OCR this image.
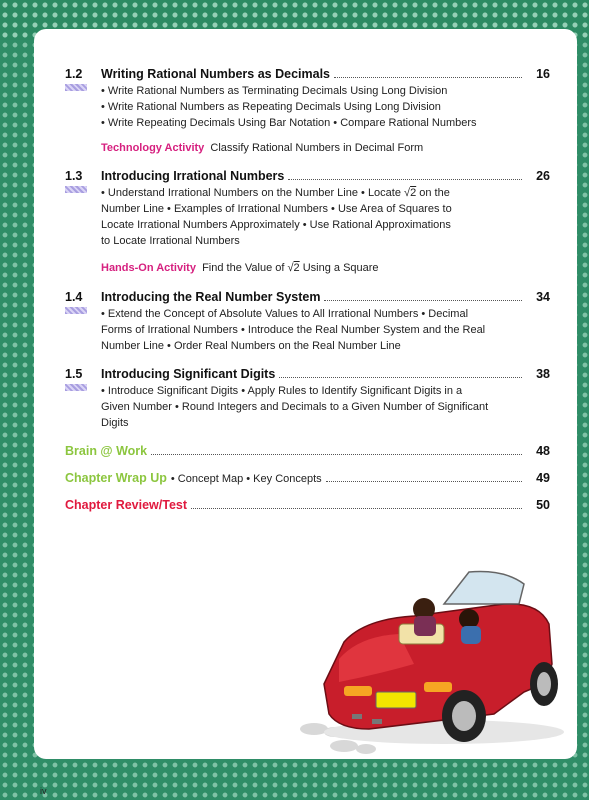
1.2	Writing Rational Numbers as Decimals	16
• Write Rational Numbers as Terminating Decimals Using Long Division
• Write Rational Numbers as Repeating Decimals Using Long Division
• Write Repeating Decimals Using Bar Notation • Compare Rational Numbers
Technology Activity Classify Rational Numbers in Decimal Form
1.3	Introducing Irrational Numbers	26
• Understand Irrational Numbers on the Number Line • Locate √2 on the
Number Line • Examples of Irrational Numbers • Use Area of Squares to
Locate Irrational Numbers Approximately • Use Rational Approximations
to Locate Irrational Numbers
Hands-On Activity Find the Value of √2 Using a Square
1.4	Introducing the Real Number System	34
• Extend the Concept of Absolute Values to All Irrational Numbers • Decimal
Forms of Irrational Numbers • Introduce the Real Number System and the Real
Number Line • Order Real Numbers on the Real Number Line
1.5	Introducing Significant Digits	38
• Introduce Significant Digits • Apply Rules to Identify Significant Digits in a
Given Number • Round Integers and Decimals to a Given Number of Significant
Digits
Brain @ Work	48
Chapter Wrap Up • Concept Map • Key Concepts	49
Chapter Review/Test	50
iv
